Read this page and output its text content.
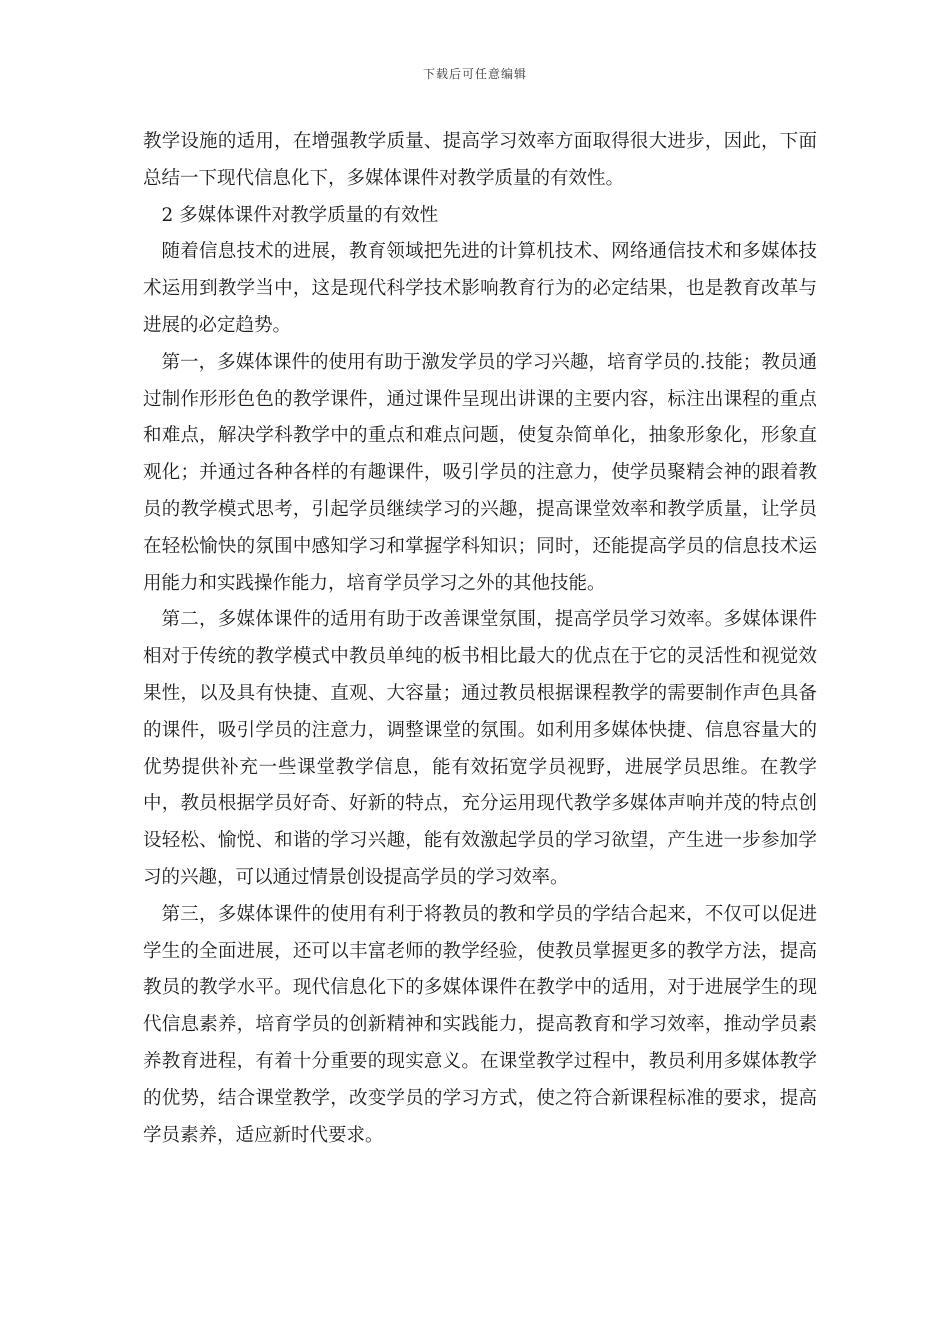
下载后可任意编辑

教学设施的适用，在增强教学质量、提高学习效率方面取得很大进步，因此，下面总结一下现代信息化下，多媒体课件对教学质量的有效性。

2 多媒体课件对教学质量的有效性

随着信息技术的进展，教育领域把先进的计算机技术、网络通信技术和多媒体技术运用到教学当中，这是现代科学技术影响教育行为的必定结果，也是教育改革与进展的必定趋势。

第一，多媒体课件的使用有助于激发学员的学习兴趣，培育学员的.技能；教员通过制作形形色色的教学课件，通过课件呈现出讲课的主要内容，标注出课程的重点和难点，解决学科教学中的重点和难点问题，使复杂简单化，抽象形象化，形象直观化；并通过各种各样的有趣课件，吸引学员的注意力，使学员聚精会神的跟着教员的教学模式思考，引起学员继续学习的兴趣，提高课堂效率和教学质量，让学员在轻松愉快的氛围中感知学习和掌握学科知识；同时，还能提高学员的信息技术运用能力和实践操作能力，培育学员学习之外的其他技能。

第二，多媒体课件的适用有助于改善课堂氛围，提高学员学习效率。多媒体课件相对于传统的教学模式中教员单纯的板书相比最大的优点在于它的灵活性和视觉效果性，以及具有快捷、直观、大容量；通过教员根据课程教学的需要制作声色具备的课件，吸引学员的注意力，调整课堂的氛围。如利用多媒体快捷、信息容量大的优势提供补充一些课堂教学信息，能有效拓宽学员视野，进展学员思维。在教学中，教员根据学员好奇、好新的特点，充分运用现代教学多媒体声响并茂的特点创设轻松、愉悦、和谐的学习兴趣，能有效激起学员的学习欲望，产生进一步参加学习的兴趣，可以通过情景创设提高学员的学习效率。

第三，多媒体课件的使用有利于将教员的教和学员的学结合起来，不仅可以促进学生的全面进展，还可以丰富老师的教学经验，使教员掌握更多的教学方法，提高教员的教学水平。现代信息化下的多媒体课件在教学中的适用，对于进展学生的现代信息素养，培育学员的创新精神和实践能力，提高教育和学习效率，推动学员素养教育进程，有着十分重要的现实意义。在课堂教学过程中，教员利用多媒体教学的优势，结合课堂教学，改变学员的学习方式，使之符合新课程标准的要求，提高学员素养，适应新时代要求。
